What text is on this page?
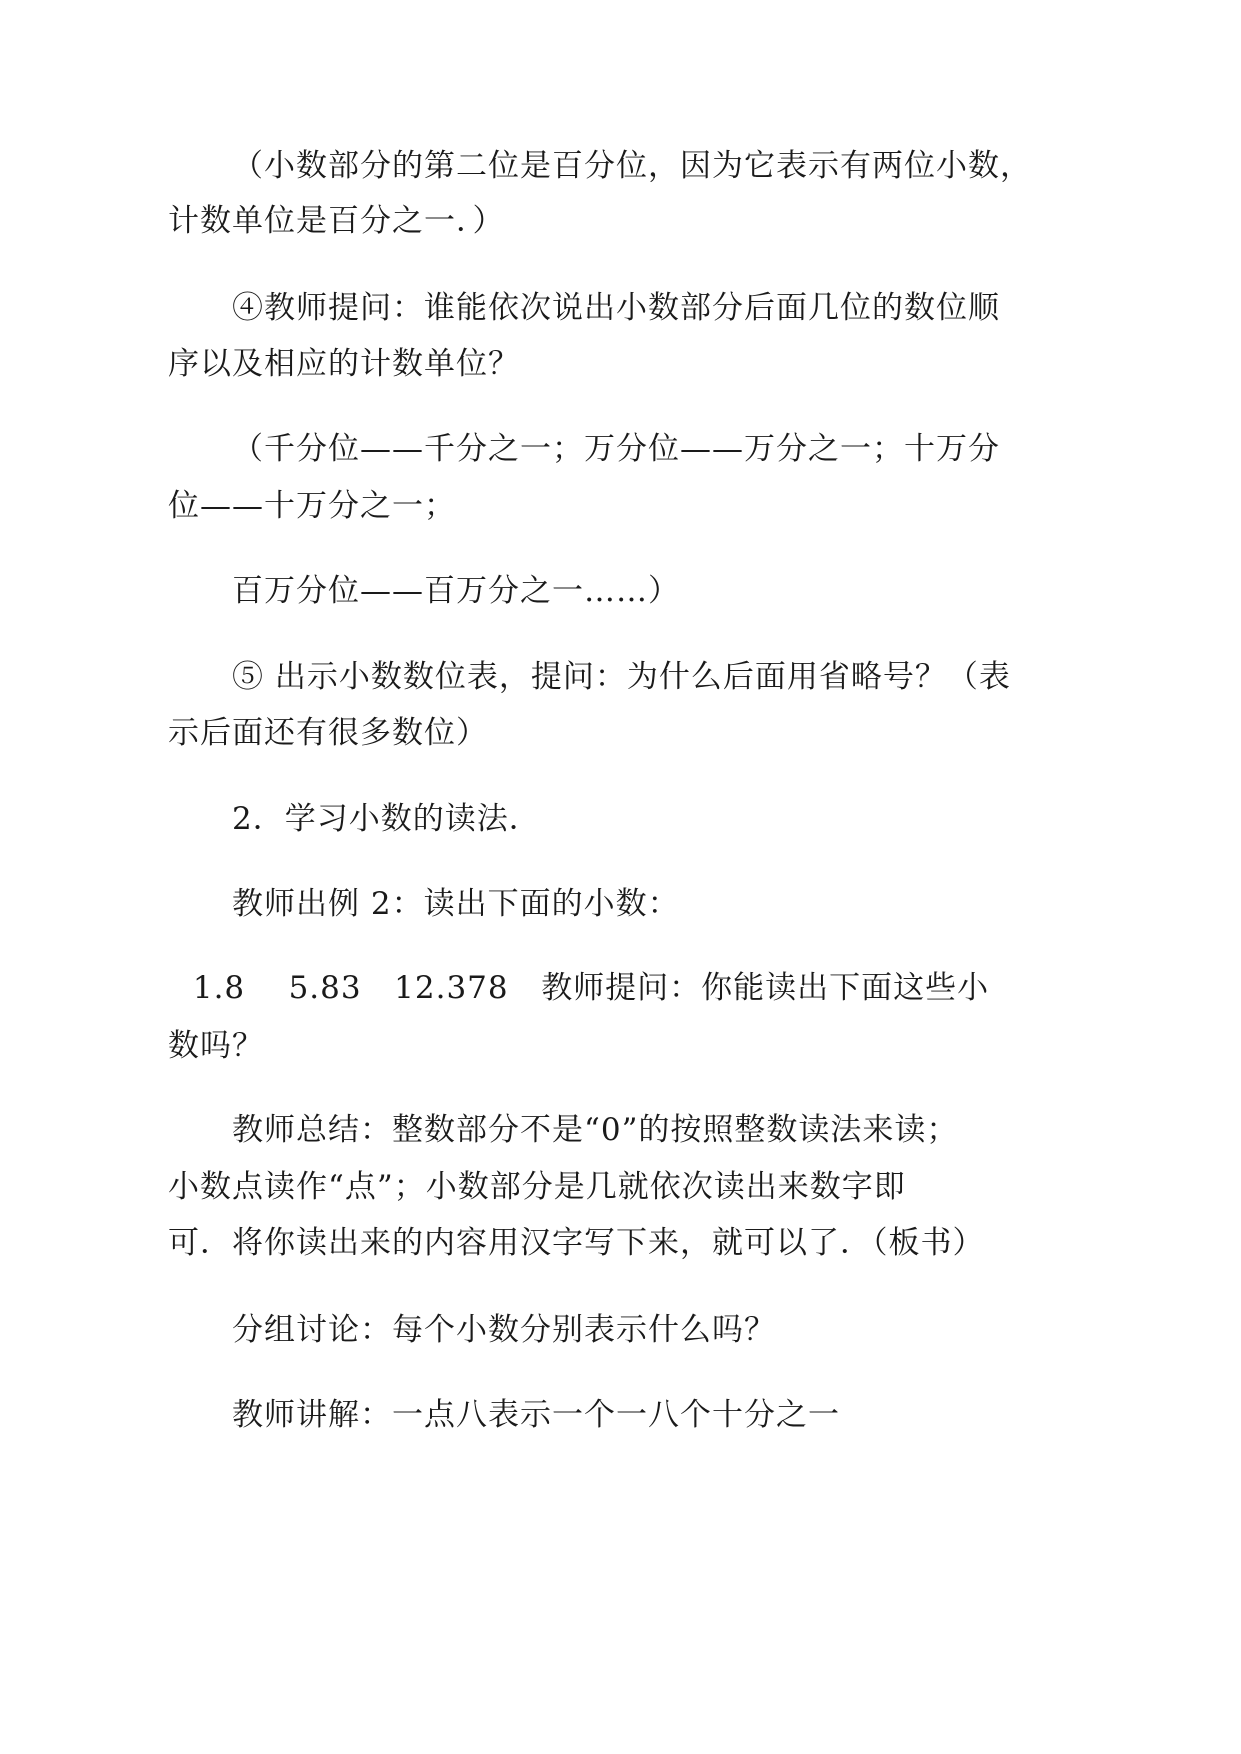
（小数部分的第二位是百分位，因为它表示有两位小数，
计数单位是百分之一．）
④教师提问：谁能依次说出小数部分后面几位的数位顺
序以及相应的计数单位？
（千分位——千分之一；万分位——万分之一；十万分
位——十万分之一；
百万分位——百万分之一……）
⑤ 出示小数数位表，提问：为什么后面用省略号？（表
示后面还有很多数位）
2．学习小数的读法．
教师出例 2：读出下面的小数：
1.8    5.83   12.378   教师提问：你能读出下面这些小
数吗？
教师总结：整数部分不是“0”的按照整数读法来读；
小数点读作“点”；小数部分是几就依次读出来数字即
可．将你读出来的内容用汉字写下来，就可以了．（板书）
分组讨论：每个小数分别表示什么吗？
教师讲解：一点八表示一个一八个十分之一
